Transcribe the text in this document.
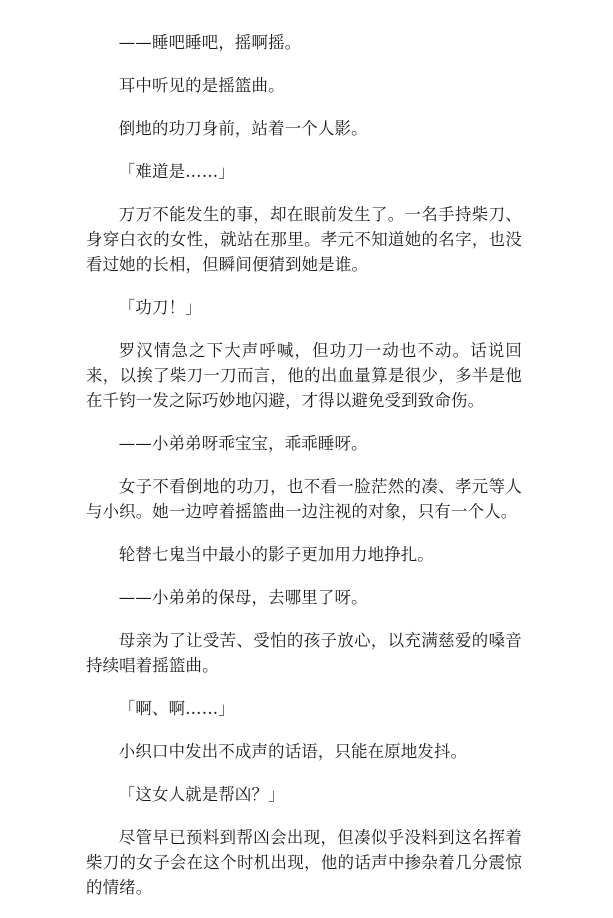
——睡吧睡吧，摇啊摇。

耳中听见的是摇篮曲。

倒地的功刀身前，站着一个人影。

「难道是……」

万万不能发生的事，却在眼前发生了。一名手持柴刀、身穿白衣的女性，就站在那里。孝元不知道她的名字，也没看过她的长相，但瞬间便猜到她是谁。

「功刀！」

罗汉情急之下大声呼喊，但功刀一动也不动。话说回来，以挨了柴刀一刀而言，他的出血量算是很少，多半是他在千钧一发之际巧妙地闪避，才得以避免受到致命伤。

——小弟弟呀乖宝宝，乖乖睡呀。

女子不看倒地的功刀，也不看一脸茫然的凑、孝元等人与小织。她一边哼着摇篮曲一边注视的对象，只有一个人。

轮替七鬼当中最小的影子更加用力地挣扎。

——小弟弟的保母，去哪里了呀。

母亲为了让受苦、受怕的孩子放心，以充满慈爱的嗓音持续唱着摇篮曲。

「啊、啊……」

小织口中发出不成声的话语，只能在原地发抖。

「这女人就是帮凶？」

尽管早已预料到帮凶会出现，但凑似乎没料到这名挥着柴刀的女子会在这个时机出现，他的话声中掺杂着几分震惊的情绪。
